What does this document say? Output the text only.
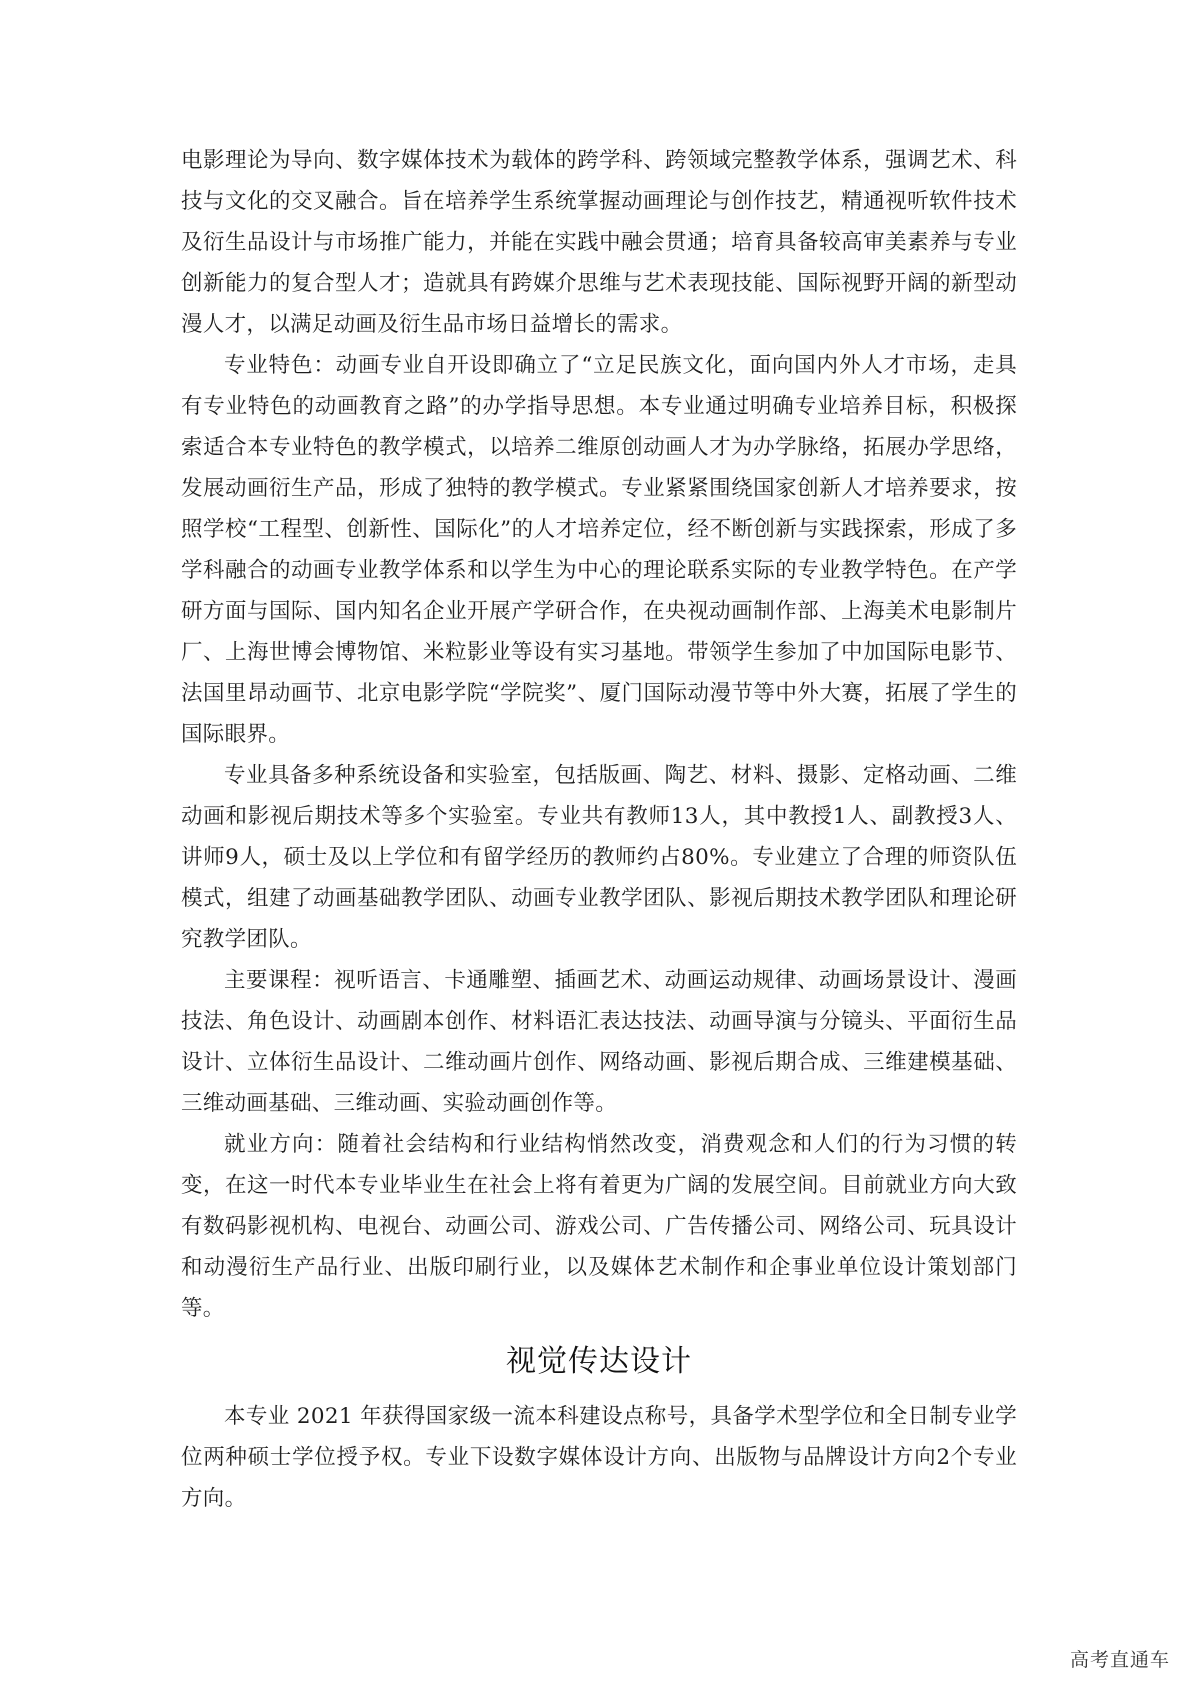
电影理论为导向、数字媒体技术为载体的跨学科、跨领域完整教学体系，强调艺术、科技与文化的交叉融合。旨在培养学生系统掌握动画理论与创作技艺，精通视听软件技术及衍生品设计与市场推广能力，并能在实践中融会贯通；培育具备较高审美素养与专业创新能力的复合型人才；造就具有跨媒介思维与艺术表现技能、国际视野开阔的新型动漫人才，以满足动画及衍生品市场日益增长的需求。

专业特色：动画专业自开设即确立了“立足民族文化，面向国内外人才市场，走具有专业特色的动画教育之路”的办学指导思想。本专业通过明确专业培养目标，积极探索适合本专业特色的教学模式，以培养二维原创动画人才为办学脉络，拓展办学思络，发展动画衍生产品，形成了独特的教学模式。专业紧紧围绕国家创新人才培养要求，按照学校“工程型、创新性、国际化”的人才培养定位，经不断创新与实践探索，形成了多学科融合的动画专业教学体系和以学生为中心的理论联系实际的专业教学特色。在产学研方面与国际、国内知名企业开展产学研合作，在央视动画制作部、上海美术电影制片厂、上海世博会博物馆、米粒影业等设有实习基地。带领学生参加了中加国际电影节、法国里昂动画节、北京电影学院“学院奖”、厦门国际动漫节等中外大赛，拓展了学生的国际眼界。

专业具备多种系统设备和实验室，包括版画、陶艺、材料、摄影、定格动画、二维动画和影视后期技术等多个实验室。专业共有教师13人，其中教授1人、副教授3人、讲师9人，硕士及以上学位和有留学经历的教师约占80%。专业建立了合理的师资队伍模式，组建了动画基础教学团队、动画专业教学团队、影视后期技术教学团队和理论研究教学团队。

主要课程：视听语言、卡通雕塑、插画艺术、动画运动规律、动画场景设计、漫画技法、角色设计、动画剧本创作、材料语汇表达技法、动画导演与分镜头、平面衍生品设计、立体衍生品设计、二维动画片创作、网络动画、影视后期合成、三维建模基础、三维动画基础、三维动画、实验动画创作等。

就业方向：随着社会结构和行业结构悄然改变，消费观念和人们的行为习惯的转变，在这一时代本专业毕业生在社会上将有着更为广阔的发展空间。目前就业方向大致有数码影视机构、电视台、动画公司、游戏公司、广告传播公司、网络公司、玩具设计和动漫衍生产品行业、出版印刷行业，以及媒体艺术制作和企事业单位设计策划部门等。

视觉传达设计

本专业 2021 年获得国家级一流本科建设点称号，具备学术型学位和全日制专业学位两种硕士学位授予权。专业下设数字媒体设计方向、出版物与品牌设计方向2个专业方向。

高考直通车
